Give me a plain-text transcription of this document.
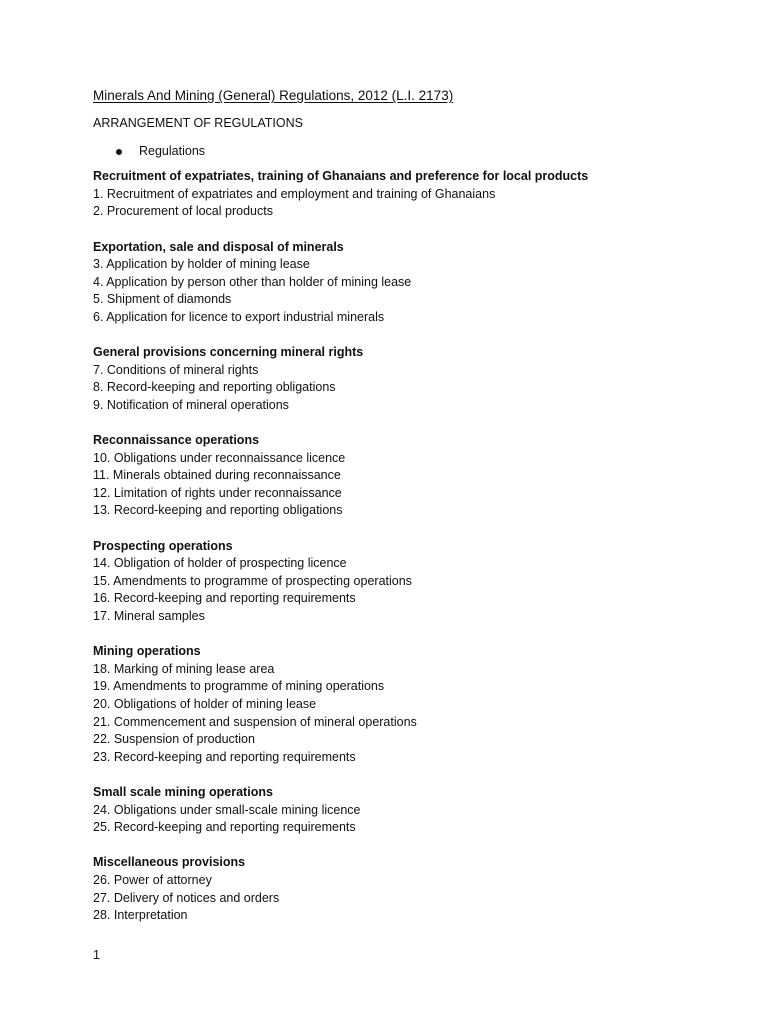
Minerals And Mining (General) Regulations, 2012 (L.I. 2173)
ARRANGEMENT OF REGULATIONS
Regulations
Recruitment of expatriates, training of Ghanaians and preference for local products
1. Recruitment of expatriates and employment and training of Ghanaians
2. Procurement of local products
Exportation, sale and disposal of minerals
3. Application by holder of mining lease
4. Application by person other than holder of mining lease
5. Shipment of diamonds
6. Application for licence to export industrial minerals
General provisions concerning mineral rights
7. Conditions of mineral rights
8. Record-keeping and reporting obligations
9. Notification of mineral operations
Reconnaissance operations
10. Obligations under reconnaissance licence
11. Minerals obtained during reconnaissance
12. Limitation of rights under reconnaissance
13. Record-keeping and reporting obligations
Prospecting operations
14. Obligation of holder of prospecting licence
15. Amendments to programme of prospecting operations
16. Record-keeping and reporting requirements
17. Mineral samples
Mining operations
18. Marking of mining lease area
19. Amendments to programme of mining operations
20. Obligations of holder of mining lease
21. Commencement and suspension of mineral operations
22. Suspension of production
23. Record-keeping and reporting requirements
Small scale mining operations
24. Obligations under small-scale mining licence
25. Record-keeping and reporting requirements
Miscellaneous provisions
26. Power of attorney
27. Delivery of notices and orders
28. Interpretation
1
